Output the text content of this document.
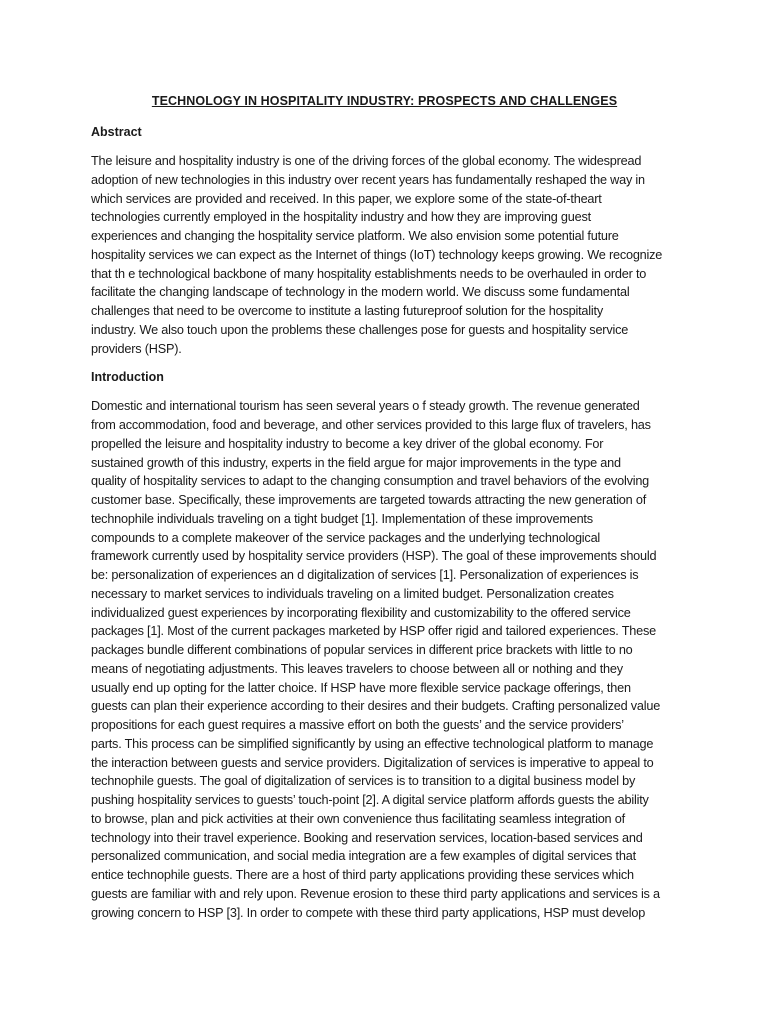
TECHNOLOGY IN HOSPITALITY INDUSTRY: PROSPECTS AND CHALLENGES
Abstract
The leisure and hospitality industry is one of the driving forces of the global economy. The widespread
adoption of new technologies in this industry over recent years has fundamentally reshaped the way in
which services are provided and received. In this paper, we explore some of the state-of-theart
technologies currently employed in the hospitality industry and how they are improving guest
experiences and changing the hospitality service platform. We also envision some potential future
hospitality services we can expect as the Internet of things (IoT) technology keeps growing. We recognize
that th e technological backbone of many hospitality establishments needs to be overhauled in order to
facilitate the changing landscape of technology in the modern world. We discuss some fundamental
challenges that need to be overcome to institute a lasting futureproof solution for the hospitality
industry. We also touch upon the problems these challenges pose for guests and hospitality service
providers (HSP).
Introduction
Domestic and international tourism has seen several years o f steady growth. The revenue generated
from accommodation, food and beverage, and other services provided to this large flux of travelers, has
propelled the leisure and hospitality industry to become a key driver of the global economy. For
sustained growth of this industry, experts in the field argue for major improvements in the type and
quality of hospitality services to adapt to the changing consumption and travel behaviors of the evolving
customer base. Specifically, these improvements are targeted towards attracting the new generation of
technophile individuals traveling on a tight budget [1]. Implementation of these improvements
compounds to a complete makeover of the service packages and the underlying technological
framework currently used by hospitality service providers (HSP). The goal of these improvements should
be: personalization of experiences an d digitalization of services [1]. Personalization of experiences is
necessary to market services to individuals traveling on a limited budget. Personalization creates
individualized guest experiences by incorporating flexibility and customizability to the offered service
packages [1]. Most of the current packages marketed by HSP offer rigid and tailored experiences. These
packages bundle different combinations of popular services in different price brackets with little to no
means of negotiating adjustments. This leaves travelers to choose between all or nothing and they
usually end up opting for the latter choice. If HSP have more flexible service package offerings, then
guests can plan their experience according to their desires and their budgets. Crafting personalized value
propositions for each guest requires a massive effort on both the guests’ and the service providers’
parts. This process can be simplified significantly by using an effective technological platform to manage
the interaction between guests and service providers. Digitalization of services is imperative to appeal to
technophile guests. The goal of digitalization of services is to transition to a digital business model by
pushing hospitality services to guests’ touch-point [2]. A digital service platform affords guests the ability
to browse, plan and pick activities at their own convenience thus facilitating seamless integration of
technology into their travel experience. Booking and reservation services, location-based services and
personalized communication, and social media integration are a few examples of digital services that
entice technophile guests. There are a host of third party applications providing these services which
guests are familiar with and rely upon. Revenue erosion to these third party applications and services is a
growing concern to HSP [3]. In order to compete with these third party applications, HSP must develop
